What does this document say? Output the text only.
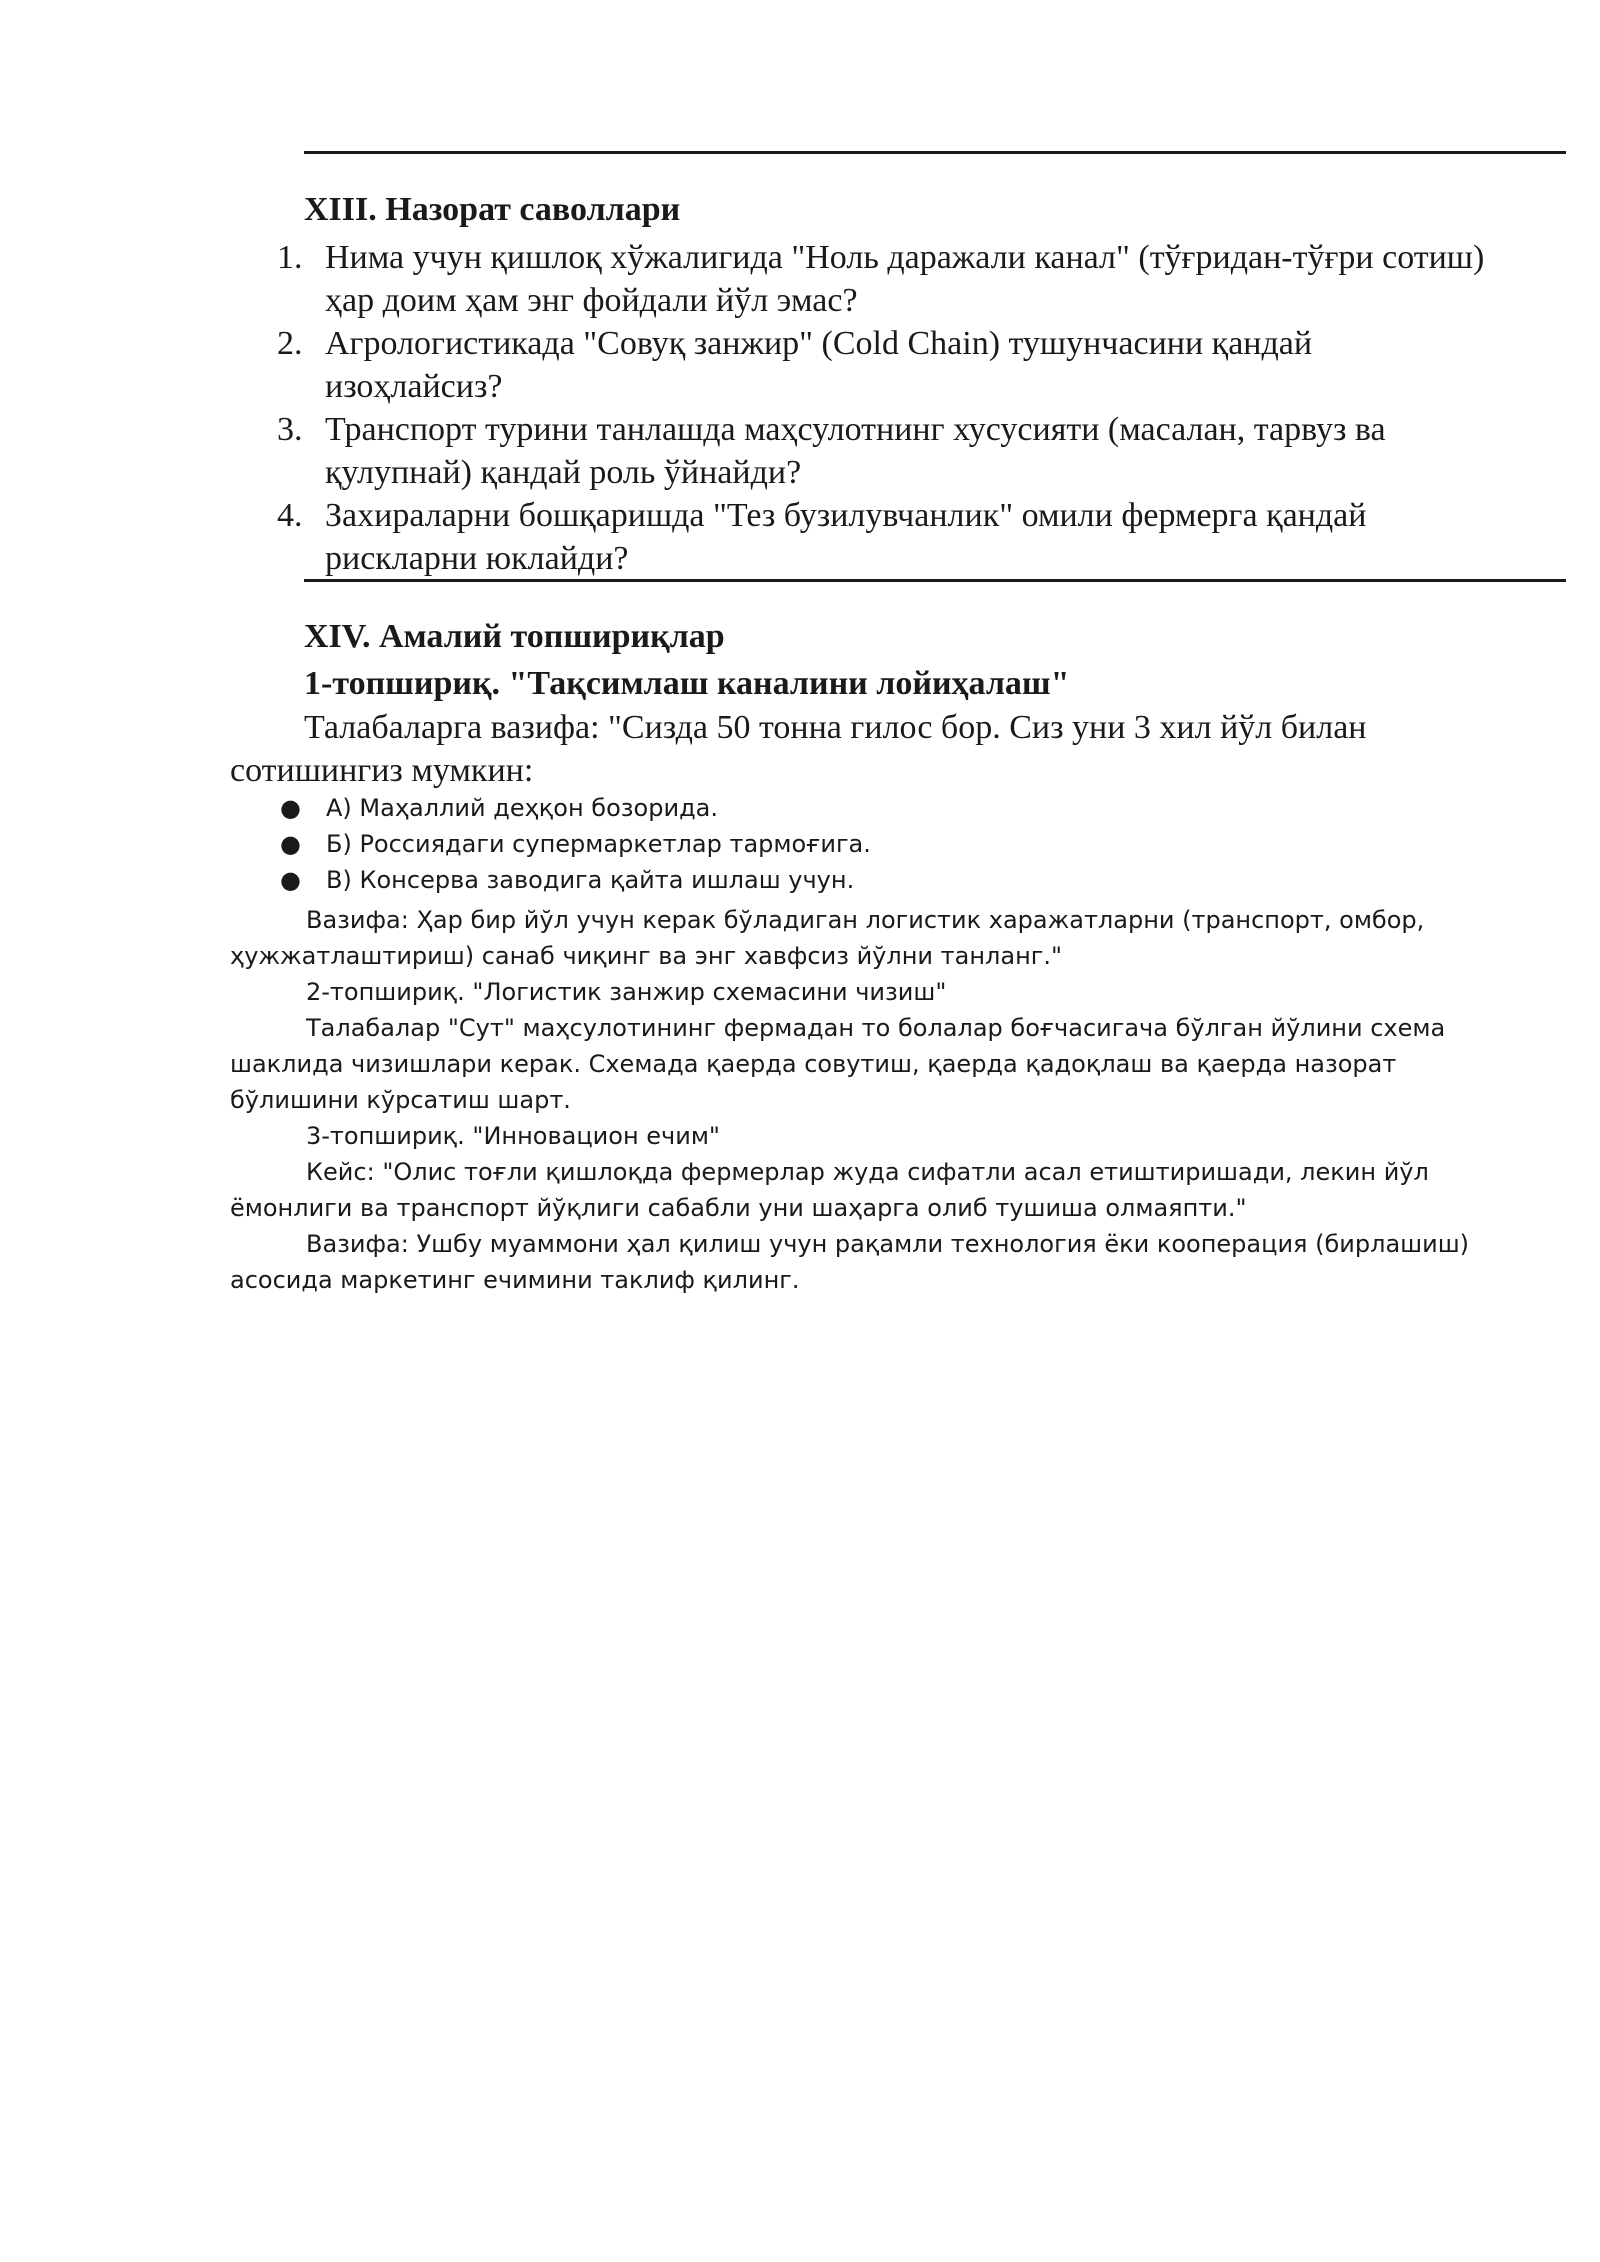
XIII. Назорат саволлари
1. Нима учун қишлоқ хўжалигида "Ноль даражали канал" (тўғридан-тўғри сотиш) ҳар доим ҳам энг фойдали йўл эмас?
2. Агрологистикада "Совуқ занжир" (Cold Chain) тушунчасини қандай изоҳлайсиз?
3. Транспорт турини танлашда маҳсулотнинг хусусияти (масалан, тарвуз ва қулупнай) қандай роль ўйнайди?
4. Захираларни бошқаришда "Тез бузилувчанлик" омили фермерга қандай рискларни юклайди?
XIV. Амалий топшириқлар
1-топшириқ. "Тақсимлаш каналини лойиҳалаш"
Талабаларга вазифа: "Сизда 50 тонна гилос бор. Сиз уни 3 хил йўл билан сотишингиз мумкин:
● А) Маҳаллий деҳқон бозорида.
● Б) Россиядаги супермаркетлар тармоғига.
● В) Консерва заводига қайта ишлаш учун.
Вазифа: Ҳар бир йўл учун керак бўладиган логистик харажатларни (транспорт, омбор, ҳужжатлаштириш) санаб чиқинг ва энг хавфсиз йўлни танланг."
2-топшириқ. "Логистик занжир схемасини чизиш"
Талабалар "Сут" маҳсулотининг фермадан то болалар боғчасигача бўлган йўлини схема шаклида чизишлари керак. Схемада қаерда совутиш, қаерда қадоқлаш ва қаерда назорат бўлишини кўрсатиш шарт.
3-топшириқ. "Инновацион ечим"
Кейс: "Олис тоғли қишлоқда фермерлар жуда сифатли асал етиштиришади, лекин йўл ёмонлиги ва транспорт йўқлиги сабабли уни шаҳарга олиб тушиша олмаяпти."
Вазифа: Ушбу муаммони ҳал қилиш учун рақамли технология ёки кооперация (бирлашиш) асосида маркетинг ечимини таклиф қилинг.
